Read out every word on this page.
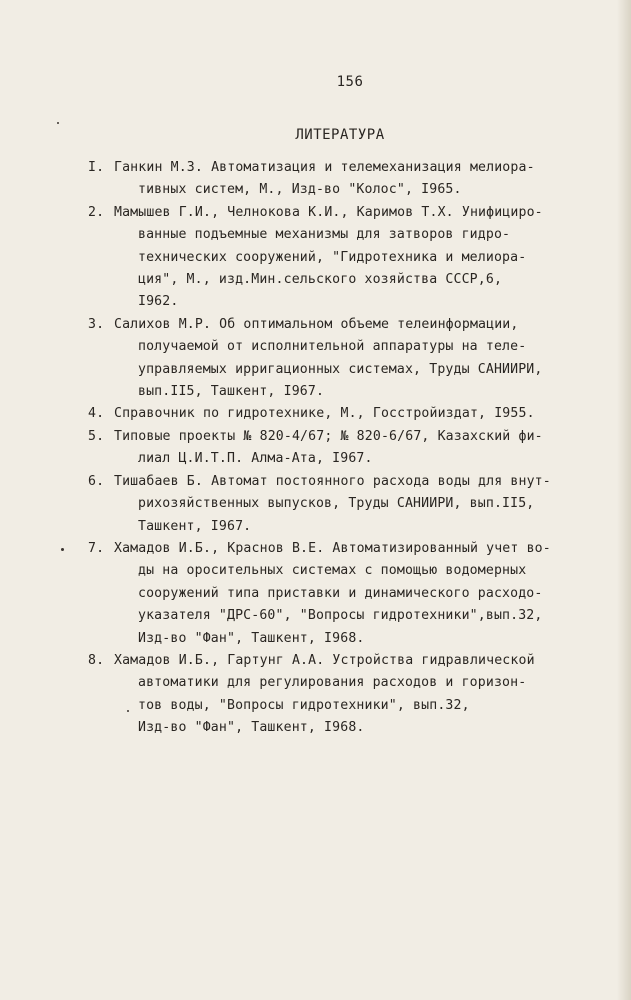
156
ЛИТЕРАТУРА
I. Ганкин М.З. Автоматизация и телемеханизация мелиора-
тивных систем, М., Изд-во "Колос", I965.
2. Мамышев Г.И., Челнокова К.И., Каримов Т.Х. Унифициро-
ванные подъемные механизмы для затворов гидро-
технических сооружений, "Гидротехника и мелиора-
ция", М., изд.Мин.сельского хозяйства СССР,6,
I962.
3. Салихов М.Р. Об оптимальном объеме телеинформации,
получаемой от исполнительной аппаратуры на теле-
управляемых ирригационных системах, Труды САНИИРИ,
вып.II5, Ташкент, I967.
4. Справочник по гидротехнике, М., Госстройиздат, I955.
5. Типовые проекты № 820-4/67; № 820-6/67, Казахский фи-
лиал Ц.И.Т.П. Алма-Ата, I967.
6. Тишабаев Б. Автомат постоянного расхода воды для внут-
рихозяйственных выпусков, Труды САНИИРИ, вып.II5,
Ташкент, I967.
7. Хамадов И.Б., Краснов В.Е. Автоматизированный учет во-
ды на оросительных системах с помощью водомерных
сооружений типа приставки и динамического расходо-
указателя "ДРС-60", "Вопросы гидротехники",вып.32,
Изд-во "Фан", Ташкент, I968.
8. Хамадов И.Б., Гартунг А.А. Устройства гидравлической
автоматики для регулирования расходов и горизон-
тов воды, "Вопросы гидротехники", вып.32,
Изд-во "Фан", Ташкент, I968.
